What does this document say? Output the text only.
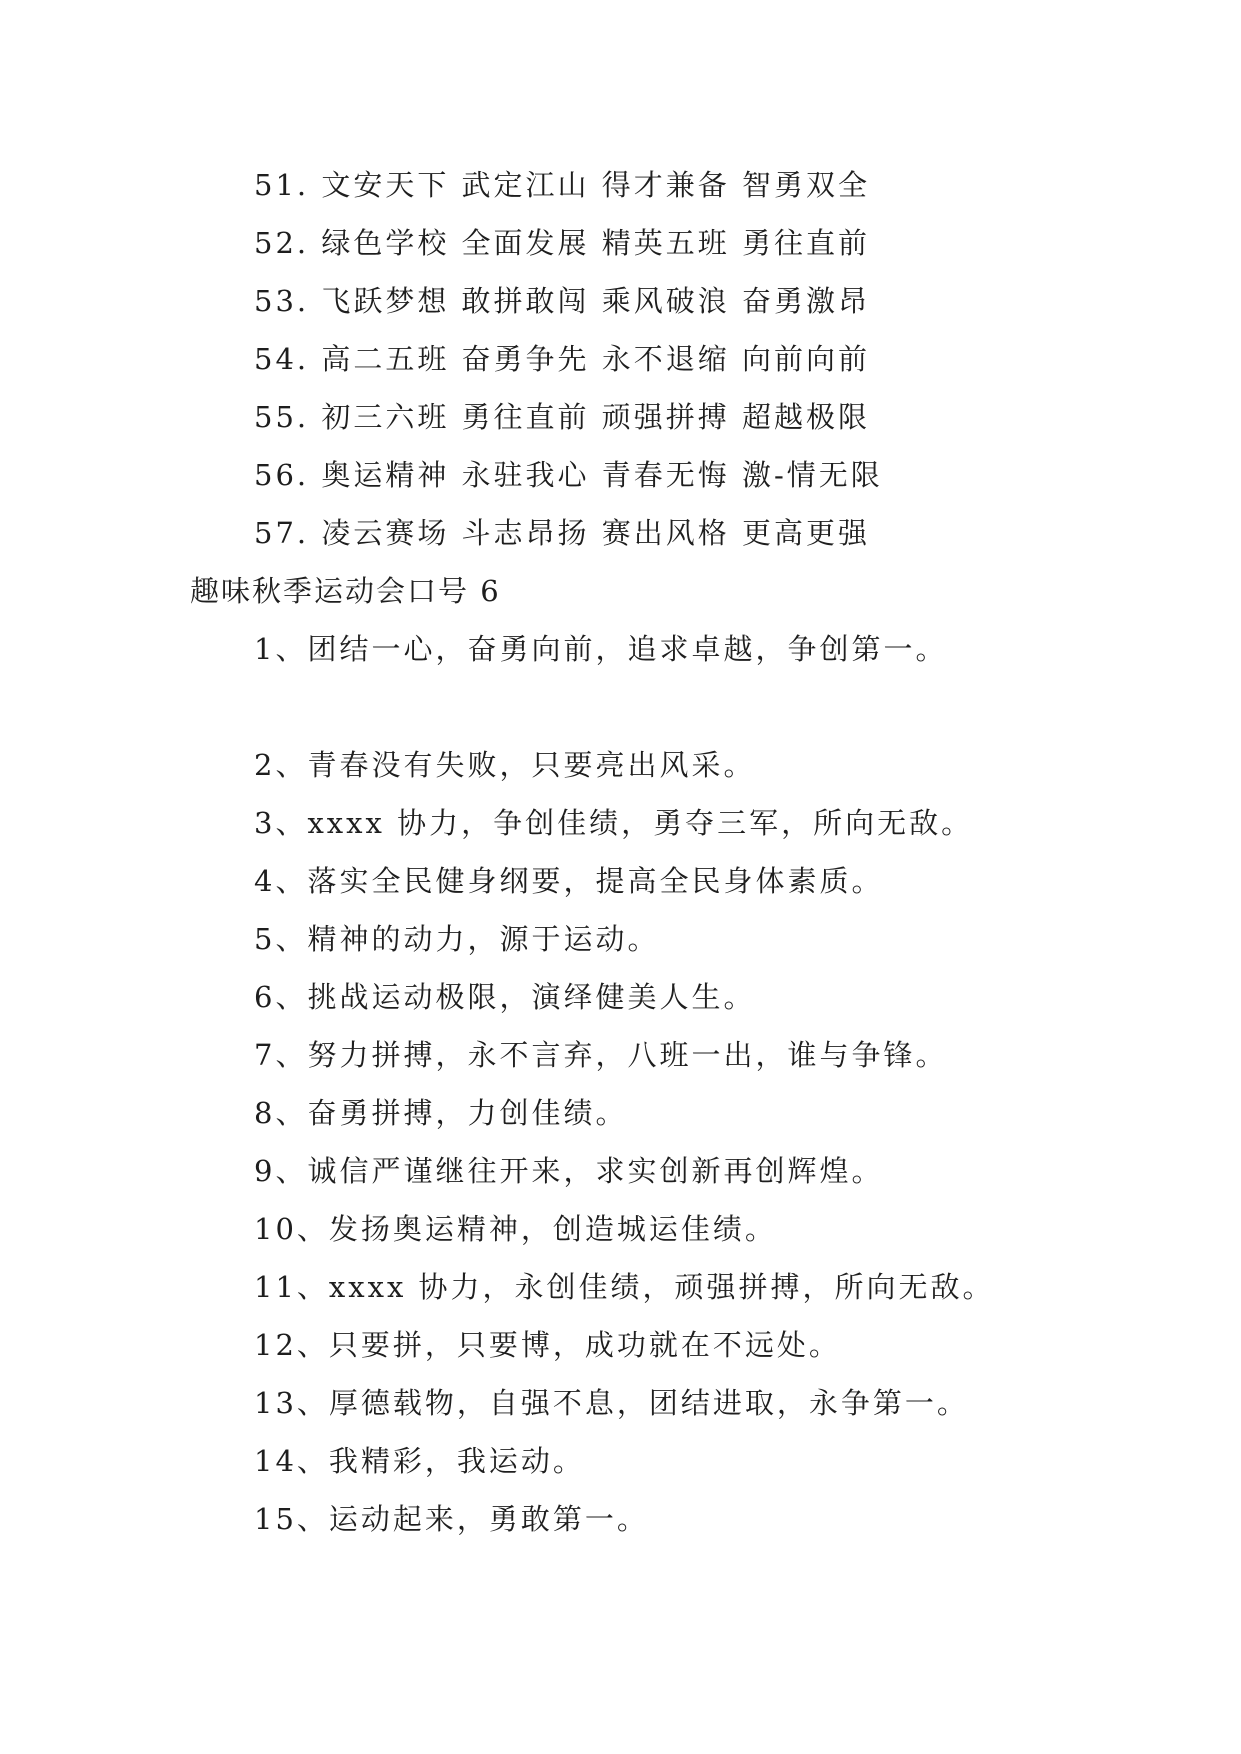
51. 文安天下 武定江山 得才兼备 智勇双全
52. 绿色学校 全面发展 精英五班 勇往直前
53. 飞跃梦想 敢拼敢闯 乘风破浪 奋勇激昂
54. 高二五班 奋勇争先 永不退缩 向前向前
55. 初三六班 勇往直前 顽强拼搏 超越极限
56. 奥运精神 永驻我心 青春无悔 激-情无限
57. 凌云赛场 斗志昂扬 赛出风格 更高更强
趣味秋季运动会口号 6
1、团结一心，奋勇向前，追求卓越，争创第一。
2、青春没有失败，只要亮出风采。
3、xxxx 协力，争创佳绩，勇夺三军，所向无敌。
4、落实全民健身纲要，提高全民身体素质。
5、精神的动力，源于运动。
6、挑战运动极限，演绎健美人生。
7、努力拼搏，永不言弃，八班一出，谁与争锋。
8、奋勇拼搏，力创佳绩。
9、诚信严谨继往开来，求实创新再创辉煌。
10、发扬奥运精神，创造城运佳绩。
11、xxxx 协力，永创佳绩，顽强拼搏，所向无敌。
12、只要拼，只要博，成功就在不远处。
13、厚德载物，自强不息，团结进取，永争第一。
14、我精彩，我运动。
15、运动起来，勇敢第一。
